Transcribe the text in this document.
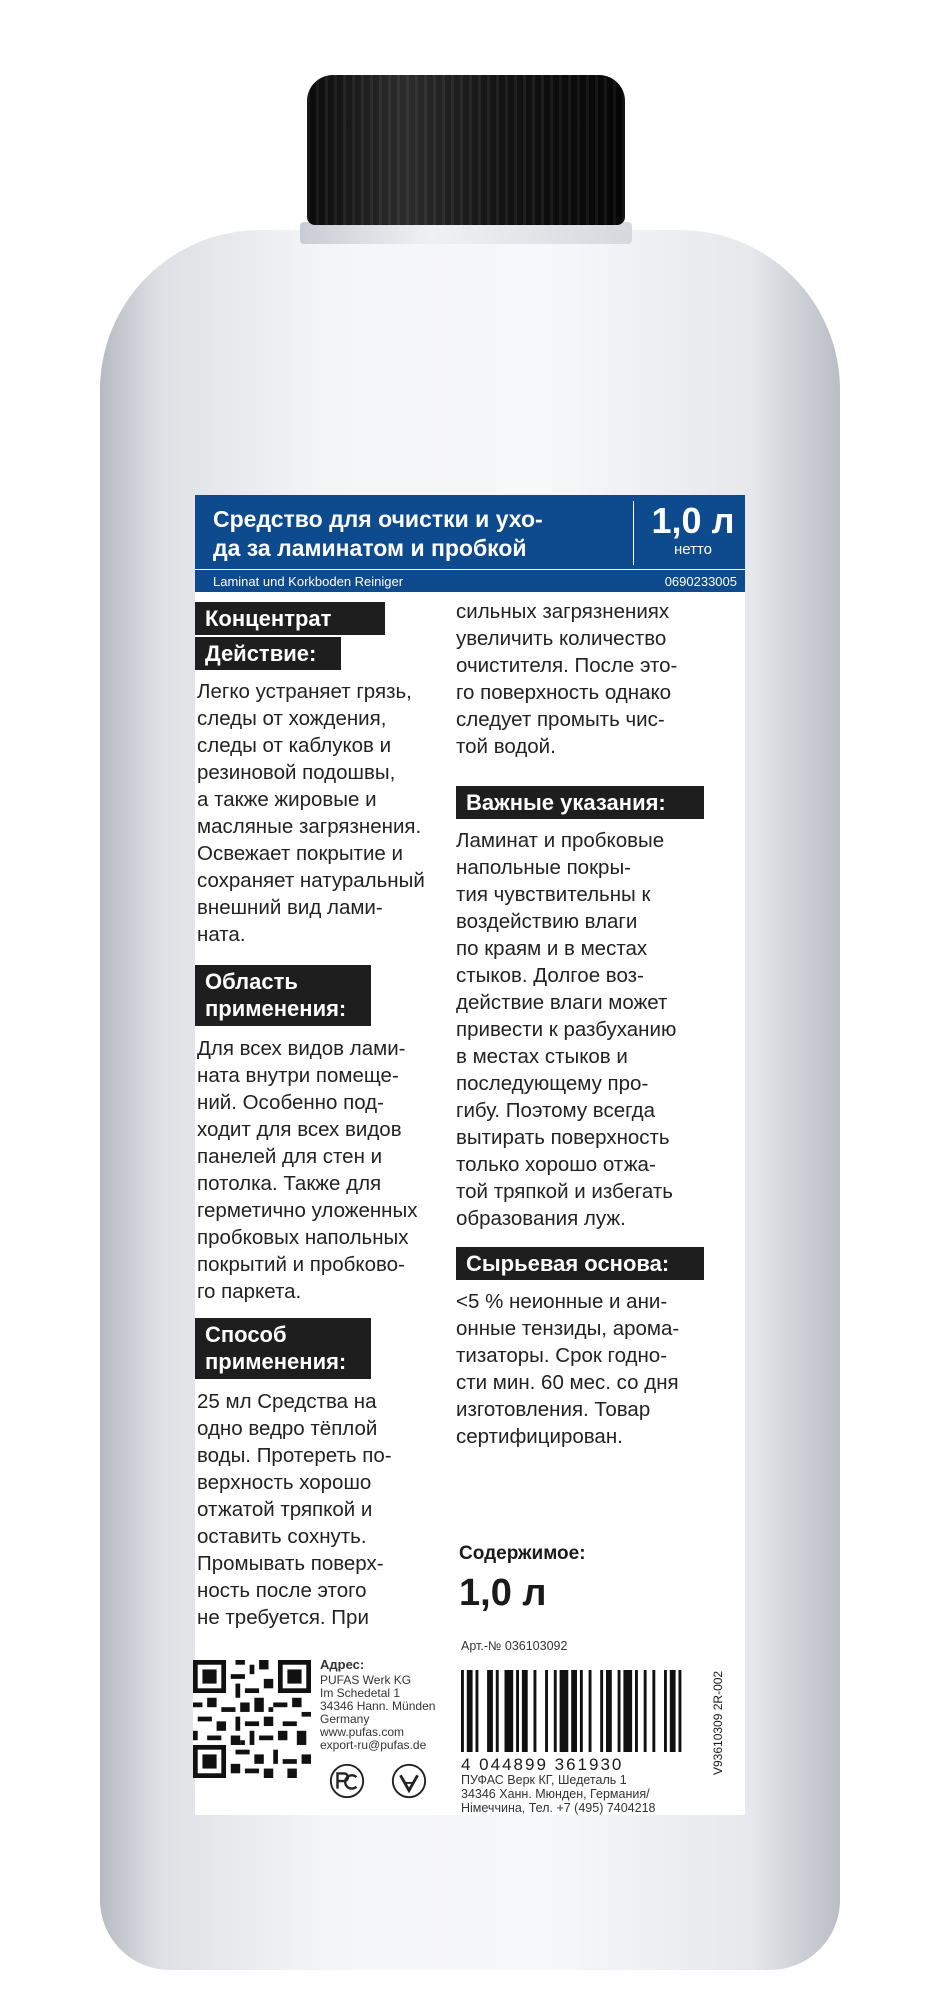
Средство для очистки и ухо-
да за ламинатом и пробкой
1,0 л
нетто
Laminat und Korkboden Reiniger	0690233005
Концентрат
Действие:
Легко устраняет грязь,
следы от хождения,
следы от каблуков и
резиновой подошвы,
а также жировые и
масляные загрязнения.
Освежает покрытие и
сохраняет натуральный
внешний вид лами-
ната.
Область
применения:
Для всех видов лами-
ната внутри помеще-
ний. Особенно под-
ходит для всех видов
панелей для стен и
потолка. Также для
герметично уложенных
пробковых напольных
покрытий и пробково-
го паркета.
Способ
применения:
25 мл Средства на
одно ведро тёплой
воды. Протереть по-
верхность хорошо
отжатой тряпкой и
оставить сохнуть.
Промывать поверх-
ность после этого
не требуется. При
сильных загрязнениях
увеличить количество
очистителя. После это-
го поверхность однако
следует промыть чис-
той водой.
Важные указания:
Ламинат и пробковые
напольные покры-
тия чувствительны к
воздействию влаги
по краям и в местах
стыков. Долгое воз-
действие влаги может
привести к разбуханию
в местах стыков и
последующему про-
гибу. Поэтому всегда
вытирать поверхность
только хорошо отжа-
той тряпкой и избегать
образования луж.
Сырьевая основа:
<5 % неионные и ани-
онные тензиды, арома-
тизаторы. Срок годно-
сти мин. 60 мес. со дня
изготовления. Товар
сертифицирован.
Содержимое:
1,0 л
Адрес:
PUFAS Werk KG
Im Schedetal 1
34346 Hann. Münden
Germany
www.pufas.com
export-ru@pufas.de
Арт.-№ 036103092
4 044899 361930	V93610309 2R-002
ПУФАС Верк КГ, Шедеталь 1
34346 Ханн. Мюнден, Германия/
Німеччина, Тел. +7 (495) 7404218
